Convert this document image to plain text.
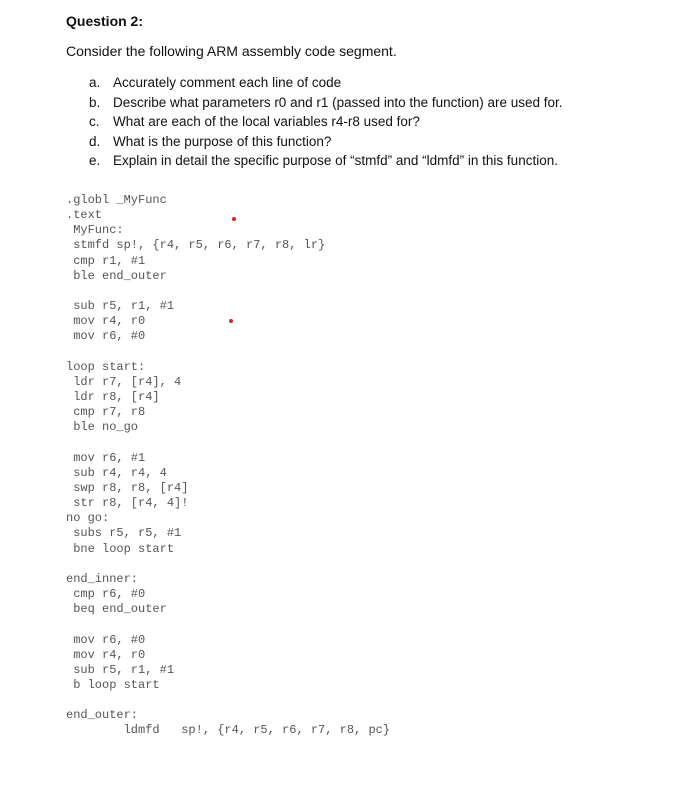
Question 2:
Consider the following ARM assembly code segment.
a. Accurately comment each line of code
b. Describe what parameters r0 and r1 (passed into the function) are used for.
c. What are each of the local variables r4-r8 used for?
d. What is the purpose of this function?
e. Explain in detail the specific purpose of “stmfd” and “ldmfd” in this function.
.globl _MyFunc
.text
MyFunc:
stmfd sp!, {r4, r5, r6, r7, r8, lr}
cmp r1, #1
ble end_outer

sub r5, r1, #1
mov r4, r0
mov r6, #0

loop start:
ldr r7, [r4], 4
ldr r8, [r4]
cmp r7, r8
ble no_go

mov r6, #1
sub r4, r4, 4
swp r8, r8, [r4]
str r8, [r4, 4]!
no go:
subs r5, r5, #1
bne loop start

end_inner:
cmp r6, #0
beq end_outer

mov r6, #0
mov r4, r0
sub r5, r1, #1
b loop start

end_outer:
ldmfd   sp!, {r4, r5, r6, r7, r8, pc}
